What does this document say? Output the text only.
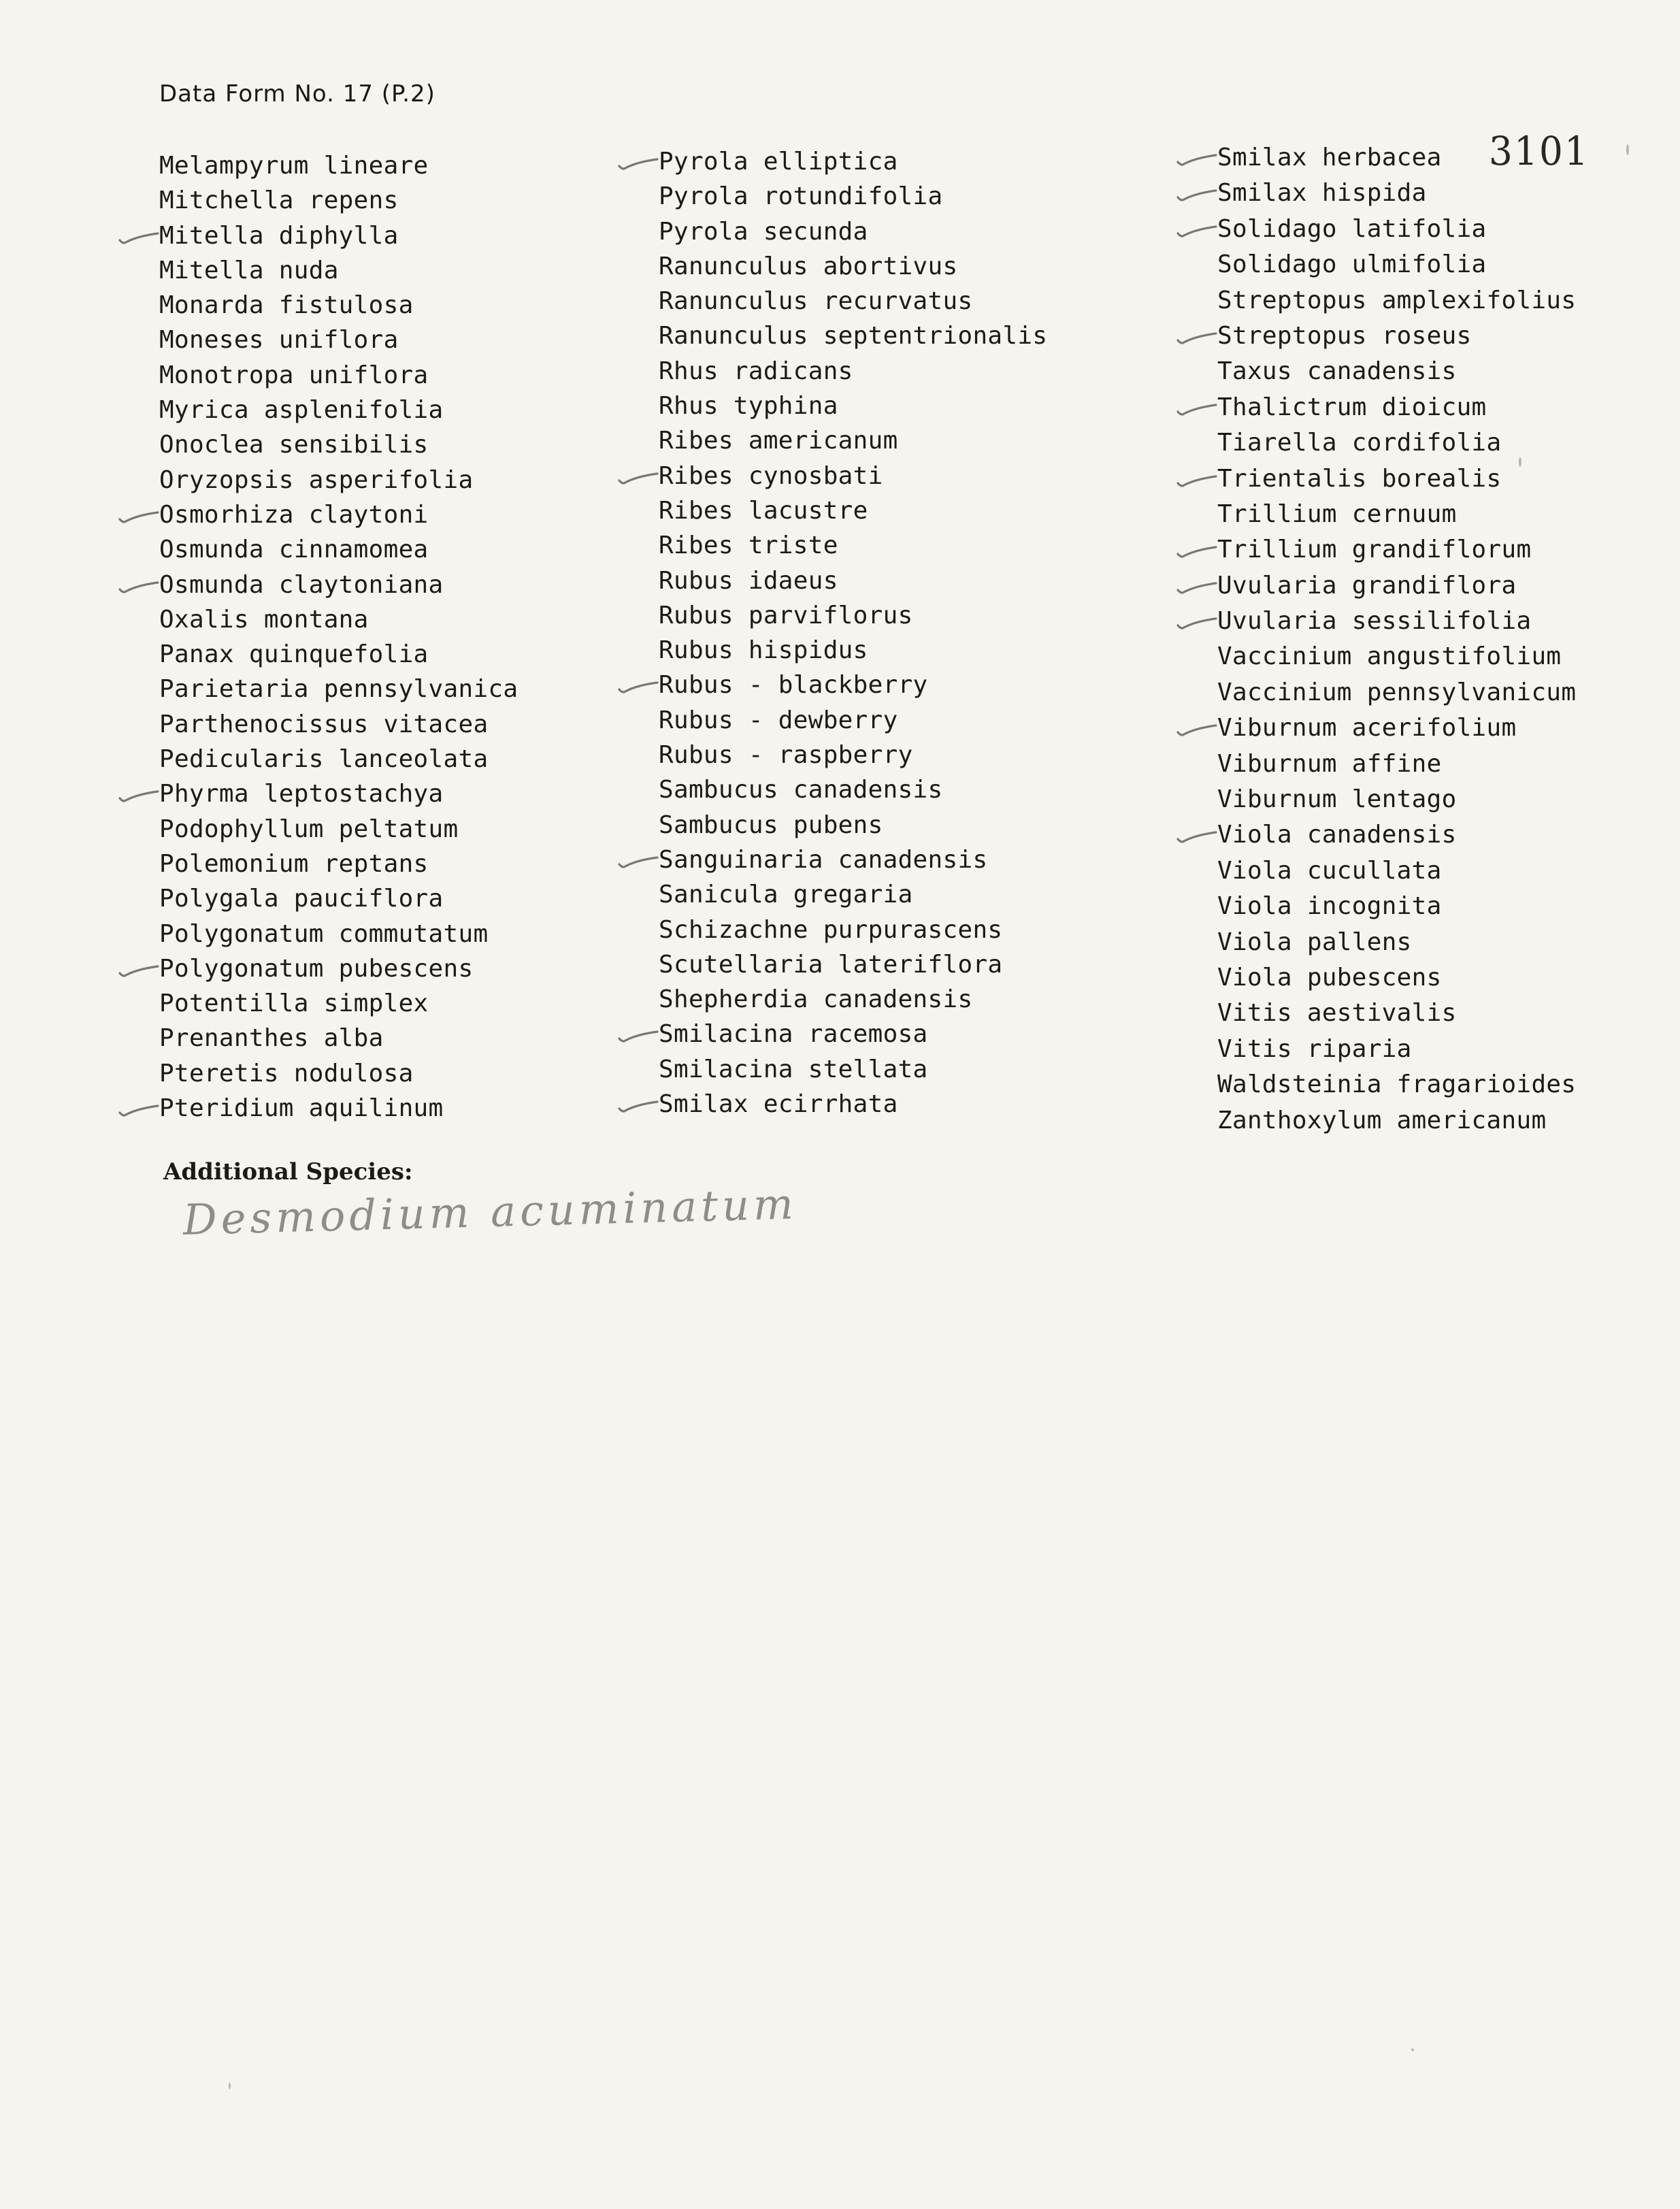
Data Form No. 17 (P.2)
3101
Melampyrum lineare
Mitchella repens
Mitella diphylla
Mitella nuda
Monarda fistulosa
Moneses uniflora
Monotropa uniflora
Myrica asplenifolia
Onoclea sensibilis
Oryzopsis asperifolia
Osmorhiza claytoni
Osmunda cinnamomea
Osmunda claytoniana
Oxalis montana
Panax quinquefolia
Parietaria pennsylvanica
Parthenocissus vitacea
Pedicularis lanceolata
Phyrma leptostachya
Podophyllum peltatum
Polemonium reptans
Polygala pauciflora
Polygonatum commutatum
Polygonatum pubescens
Potentilla simplex
Prenanthes alba
Pteretis nodulosa
Pteridium aquilinum
Pyrola elliptica
Pyrola rotundifolia
Pyrola secunda
Ranunculus abortivus
Ranunculus recurvatus
Ranunculus septentrionalis
Rhus radicans
Rhus typhina
Ribes americanum
Ribes cynosbati
Ribes lacustre
Ribes triste
Rubus idaeus
Rubus parviflorus
Rubus hispidus
Rubus - blackberry
Rubus - dewberry
Rubus - raspberry
Sambucus canadensis
Sambucus pubens
Sanguinaria canadensis
Sanicula gregaria
Schizachne purpurascens
Scutellaria lateriflora
Shepherdia canadensis
Smilacina racemosa
Smilacina stellata
Smilax ecirrhata
Smilax herbacea
Smilax hispida
Solidago latifolia
Solidago ulmifolia
Streptopus amplexifolius
Streptopus roseus
Taxus canadensis
Thalictrum dioicum
Tiarella cordifolia
Trientalis borealis
Trillium cernuum
Trillium grandiflorum
Uvularia grandiflora
Uvularia sessilifolia
Vaccinium angustifolium
Vaccinium pennsylvanicum
Viburnum acerifolium
Viburnum affine
Viburnum lentago
Viola canadensis
Viola cucullata
Viola incognita
Viola pallens
Viola pubescens
Vitis aestivalis
Vitis riparia
Waldsteinia fragarioides
Zanthoxylum americanum
Additional Species:
Desmodium acuminatum
